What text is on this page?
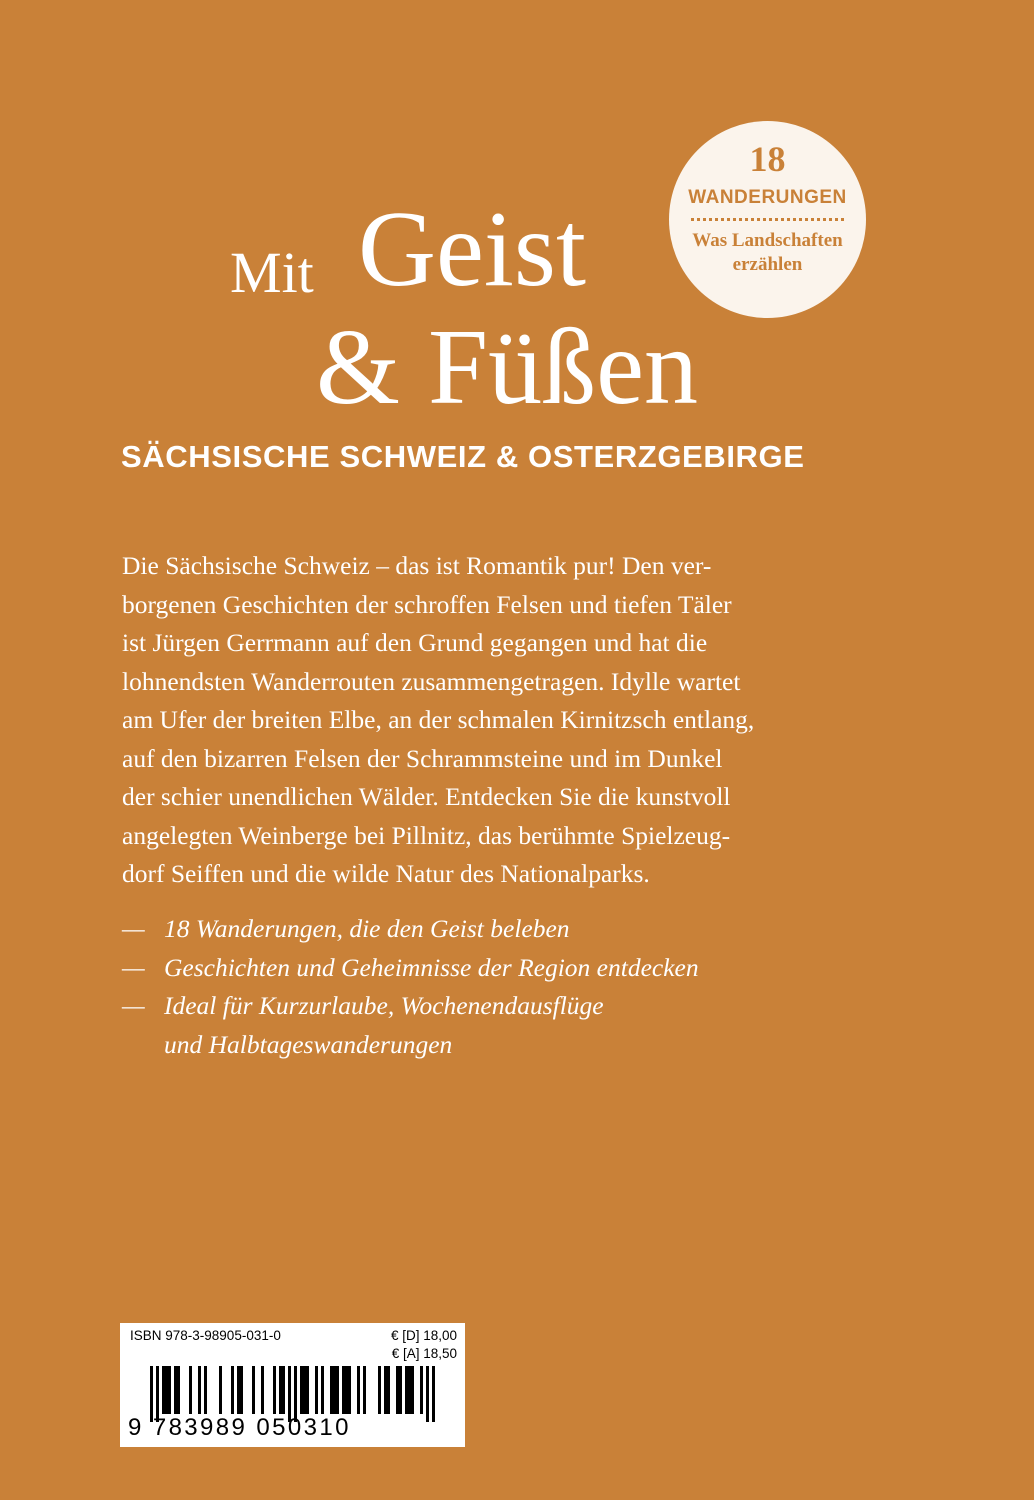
18
WANDERUNGEN
Was Landschaften
erzählen
Mit Geist
& Füßen
SÄCHSISCHE SCHWEIZ & OSTERZGEBIRGE
Die Sächsische Schweiz – das ist Romantik pur! Den ver-
borgenen Geschichten der schroffen Felsen und tiefen Täler
ist Jürgen Gerrmann auf den Grund gegangen und hat die
lohnendsten Wanderrouten zusammengetragen. Idylle wartet
am Ufer der breiten Elbe, an der schmalen Kirnitzsch entlang,
auf den bizarren Felsen der Schrammsteine und im Dunkel
der schier unendlichen Wälder. Entdecken Sie die kunstvoll
angelegten Weinberge bei Pillnitz, das berühmte Spielzeug-
dorf Seiffen und die wilde Natur des Nationalparks.
— 18 Wanderungen, die den Geist beleben
— Geschichten und Geheimnisse der Region entdecken
— Ideal für Kurzurlaube, Wochenendausflüge
und Halbtageswanderungen
ISBN 978-3-98905-031-0	€ [D] 18,00
€ [A] 18,50
9 783989 050310
